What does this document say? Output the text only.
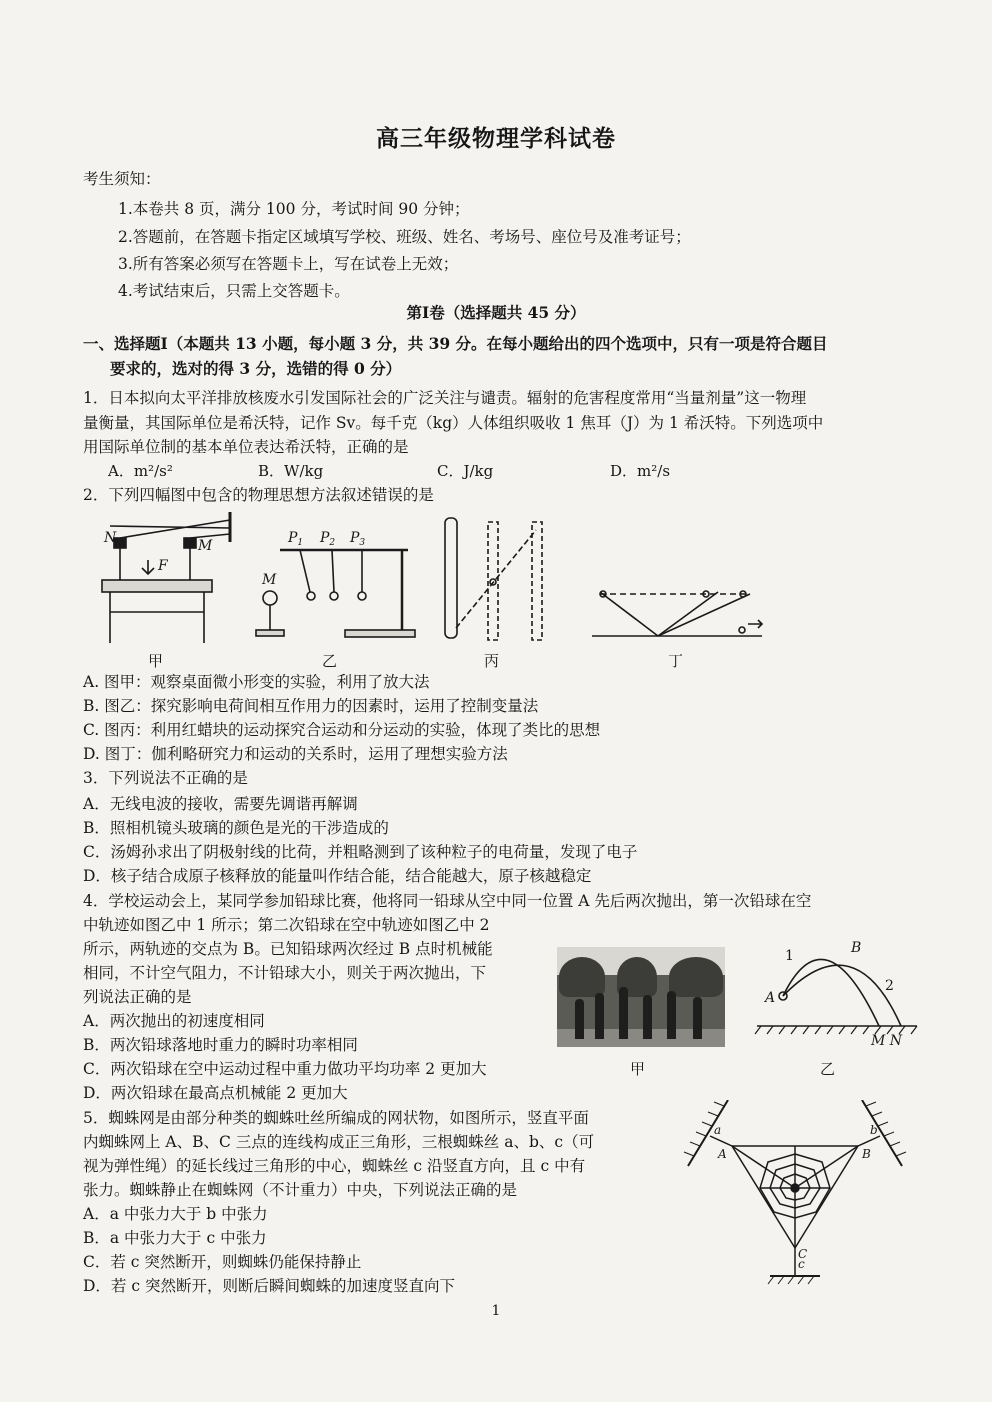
高三年级物理学科试卷
考生须知：
1.本卷共 8 页，满分 100 分，考试时间 90 分钟；
2.答题前，在答题卡指定区域填写学校、班级、姓名、考场号、座位号及准考证号；
3.所有答案必须写在答题卡上，写在试卷上无效；
4.考试结束后，只需上交答题卡。
第Ⅰ卷（选择题共 45 分）
一、选择题Ⅰ（本题共 13 小题，每小题 3 分，共 39 分。在每小题给出的四个选项中，只有一项是符合题目
要求的，选对的得 3 分，选错的得 0 分）
1．日本拟向太平洋排放核废水引发国际社会的广泛关注与谴责。辐射的危害程度常用“当量剂量”这一物理
量衡量，其国际单位是希沃特，记作 Sv。每千克（kg）人体组织吸收 1 焦耳（J）为 1 希沃特。下列选项中
用国际单位制的基本单位表达希沃特，正确的是
A．m²/s²	B．W/kg	C．J/kg	D．m²/s
2．下列四幅图中包含的物理思想方法叙述错误的是
N	M
F
$P_1$ $P_2$ $P_3$
M
甲	乙	丙	丁
A. 图甲：观察桌面微小形变的实验，利用了放大法
B. 图乙：探究影响电荷间相互作用力的因素时，运用了控制变量法
C. 图丙：利用红蜡块的运动探究合运动和分运动的实验，体现了类比的思想
D. 图丁：伽利略研究力和运动的关系时，运用了理想实验方法
3．下列说法不正确的是
A．无线电波的接收，需要先调谐再解调
B．照相机镜头玻璃的颜色是光的干涉造成的
C．汤姆孙求出了阴极射线的比荷，并粗略测到了该种粒子的电荷量，发现了电子
D．核子结合成原子核释放的能量叫作结合能，结合能越大，原子核越稳定
4．学校运动会上，某同学参加铅球比赛，他将同一铅球从空中同一位置 A 先后两次抛出，第一次铅球在空
中轨迹如图乙中 1 所示；第二次铅球在空中轨迹如图乙中 2
所示，两轨迹的交点为 B。已知铅球两次经过 B 点时机械能
相同，不计空气阻力，不计铅球大小，则关于两次抛出，下
列说法正确的是
A．两次抛出的初速度相同
B．两次铅球落地时重力的瞬时功率相同
C．两次铅球在空中运动过程中重力做功平均功率 2 更加大
D．两次铅球在最高点机械能 2 更加大
甲
A
B
1
2
M N
乙
5．蜘蛛网是由部分种类的蜘蛛吐丝所编成的网状物，如图所示，竖直平面
内蜘蛛网上 A、B、C 三点的连线构成正三角形，三根蜘蛛丝 a、b、c（可
视为弹性绳）的延长线过三角形的中心，蜘蛛丝 c 沿竖直方向，且 c 中有
张力。蜘蛛静止在蜘蛛网（不计重力）中央，下列说法正确的是
A．a 中张力大于 b 中张力
B．a 中张力大于 c 中张力
C．若 c 突然断开，则蜘蛛仍能保持静止
D．若 c 突然断开，则断后瞬间蜘蛛的加速度竖直向下
a
A
b
B
c
C
1
